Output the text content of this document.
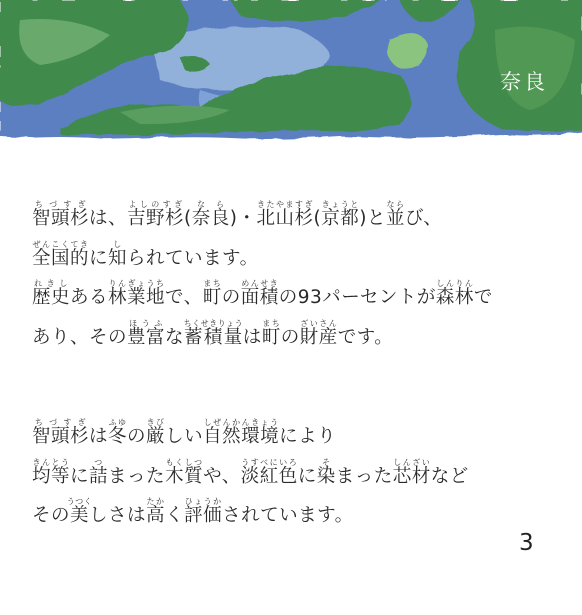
奈良
智頭杉ちづすぎは、吉野杉よしのすぎ(奈良なら)・北山杉きたやますぎ(京都きょうと)と並ならび、
全国的ぜんこくてきに知しられています。
歴史れきしある林業地りんぎょうちで、町まちの面積めんせきの93パーセントが森林しんりんで
あり、その豊富ほうふな蓄積量ちくせきりょうは町まちの財産ざいさんです。
智頭杉ちづすぎは冬ふゆの厳きびしい自然環境しぜんかんきょうにより
均等きんとうに詰つまった木質もくしつや、淡紅色うすべにいろに染そまった芯材しんざいなど
その美うつくしさは高たかく評価ひょうかされています。
3
